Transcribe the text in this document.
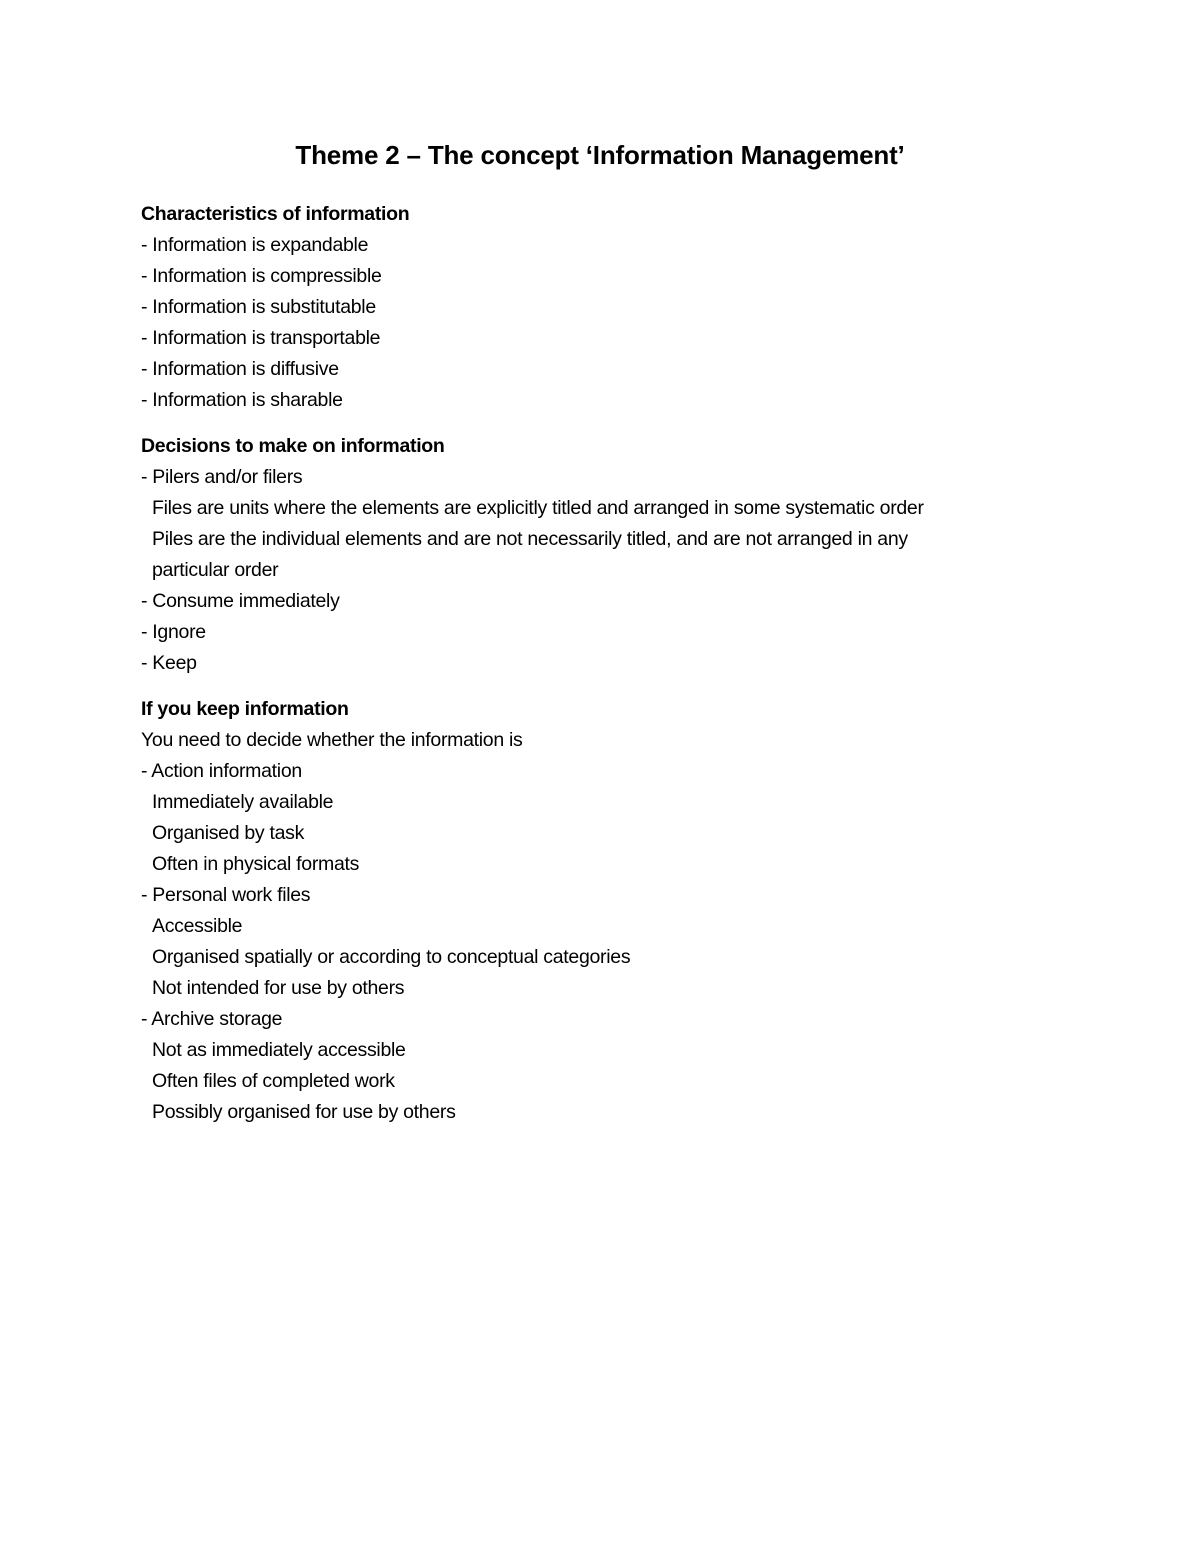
Theme 2 – The concept ‘Information Management’
Characteristics of information
- Information is expandable
- Information is compressible
- Information is substitutable
- Information is transportable
- Information is diffusive
- Information is sharable
Decisions to make on information
- Pilers and/or filers
Files are units where the elements are explicitly titled and arranged in some systematic order
Piles are the individual elements and are not necessarily titled, and are not arranged in any
particular order
- Consume immediately
- Ignore
- Keep
If you keep information
You need to decide whether the information is
- Action information
Immediately available
Organised by task
Often in physical formats
- Personal work files
Accessible
Organised spatially or according to conceptual categories
Not intended for use by others
- Archive storage
Not as immediately accessible
Often files of completed work
Possibly organised for use by others
